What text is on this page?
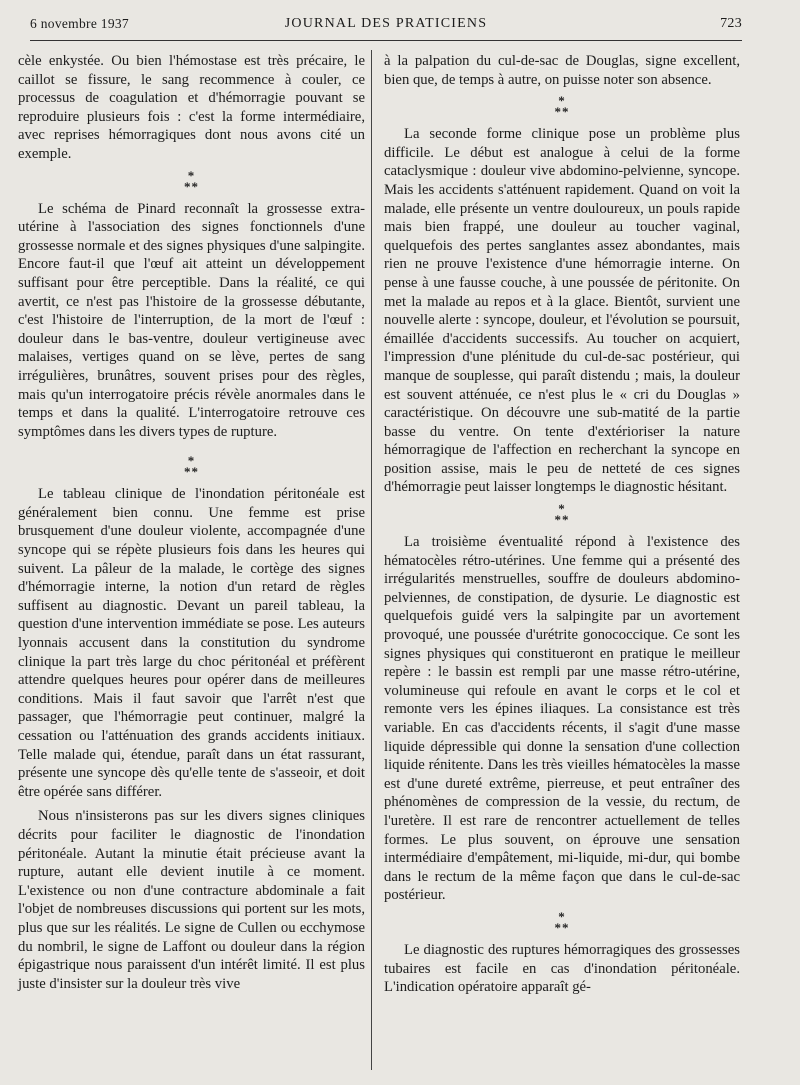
6 novembre 1937	JOURNAL DES PRATICIENS	723

cèle enkystée. Ou bien l'hémostase est très précaire, le caillot se fissure, le sang recommence à couler, ce processus de coagulation et d'hémorragie pouvant se reproduire plusieurs fois : c'est la forme intermédiaire, avec reprises hémorragiques dont nous avons cité un exemple.

*
**

Le schéma de Pinard reconnaît la grossesse extra-utérine à l'association des signes fonctionnels d'une grossesse normale et des signes physiques d'une salpingite. Encore faut-il que l'œuf ait atteint un développement suffisant pour être perceptible. Dans la réalité, ce qui avertit, ce n'est pas l'histoire de la grossesse débutante, c'est l'histoire de l'interruption, de la mort de l'œuf : douleur dans le bas-ventre, douleur vertigineuse avec malaises, vertiges quand on se lève, pertes de sang irrégulières, brunâtres, souvent prises pour des règles, mais qu'un interrogatoire précis révèle anormales dans le temps et dans la qualité. L'interrogatoire retrouve ces symptômes dans les divers types de rupture.

*
**

Le tableau clinique de l'inondation péritonéale est généralement bien connu. Une femme est prise brusquement d'une douleur violente, accompagnée d'une syncope qui se répète plusieurs fois dans les heures qui suivent. La pâleur de la malade, le cortège des signes d'hémorragie interne, la notion d'un retard de règles suffisent au diagnostic. Devant un pareil tableau, la question d'une intervention immédiate se pose. Les auteurs lyonnais accusent dans la constitution du syndrome clinique la part très large du choc péritonéal et préfèrent attendre quelques heures pour opérer dans de meilleures conditions. Mais il faut savoir que l'arrêt n'est que passager, que l'hémorragie peut continuer, malgré la cessation ou l'atténuation des grands accidents initiaux. Telle malade qui, étendue, paraît dans un état rassurant, présente une syncope dès qu'elle tente de s'asseoir, et doit être opérée sans différer.

Nous n'insisterons pas sur les divers signes cliniques décrits pour faciliter le diagnostic de l'inondation péritonéale. Autant la minutie était précieuse avant la rupture, autant elle devient inutile à ce moment. L'existence ou non d'une contracture abdominale a fait l'objet de nombreuses discussions qui portent sur les mots, plus que sur les réalités. Le signe de Cullen ou ecchymose du nombril, le signe de Laffont ou douleur dans la région épigastrique nous paraissent d'un intérêt limité. Il est plus juste d'insister sur la douleur très vive

à la palpation du cul-de-sac de Douglas, signe excellent, bien que, de temps à autre, on puisse noter son absence.

*
**

La seconde forme clinique pose un problème plus difficile. Le début est analogue à celui de la forme cataclysmique : douleur vive abdomino-pelvienne, syncope. Mais les accidents s'atténuent rapidement. Quand on voit la malade, elle présente un ventre douloureux, un pouls rapide mais bien frappé, une douleur au toucher vaginal, quelquefois des pertes sanglantes assez abondantes, mais rien ne prouve l'existence d'une hémorragie interne. On pense à une fausse couche, à une poussée de péritonite. On met la malade au repos et à la glace. Bientôt, survient une nouvelle alerte : syncope, douleur, et l'évolution se poursuit, émaillée d'accidents successifs. Au toucher on acquiert, l'impression d'une plénitude du cul-de-sac postérieur, qui manque de souplesse, qui paraît distendu ; mais, la douleur est souvent atténuée, ce n'est plus le « cri du Douglas » caractéristique. On découvre une sub-matité de la partie basse du ventre. On tente d'extérioriser la nature hémorragique de l'affection en recherchant la syncope en position assise, mais le peu de netteté de ces signes d'hémorragie peut laisser longtemps le diagnostic hésitant.

*
**

La troisième éventualité répond à l'existence des hématocèles rétro-utérines. Une femme qui a présenté des irrégularités menstruelles, souffre de douleurs abdomino-pelviennes, de constipation, de dysurie. Le diagnostic est quelquefois guidé vers la salpingite par un avortement provoqué, une poussée d'urétrite gonococcique. Ce sont les signes physiques qui constitueront en pratique le meilleur repère : le bassin est rempli par une masse rétro-utérine, volumineuse qui refoule en avant le corps et le col et remonte vers les épines iliaques. La consistance est très variable. En cas d'accidents récents, il s'agit d'une masse liquide dépressible qui donne la sensation d'une collection liquide rénitente. Dans les très vieilles hématocèles la masse est d'une dureté extrême, pierreuse, et peut entraîner des phénomènes de compression de la vessie, du rectum, de l'uretère. Il est rare de rencontrer actuellement de telles formes. Le plus souvent, on éprouve une sensation intermédiaire d'empâtement, mi-liquide, mi-dur, qui bombe dans le rectum de la même façon que dans le cul-de-sac postérieur.

*
**

Le diagnostic des ruptures hémorragiques des grossesses tubaires est facile en cas d'inondation péritonéale. L'indication opératoire apparaît gé-
